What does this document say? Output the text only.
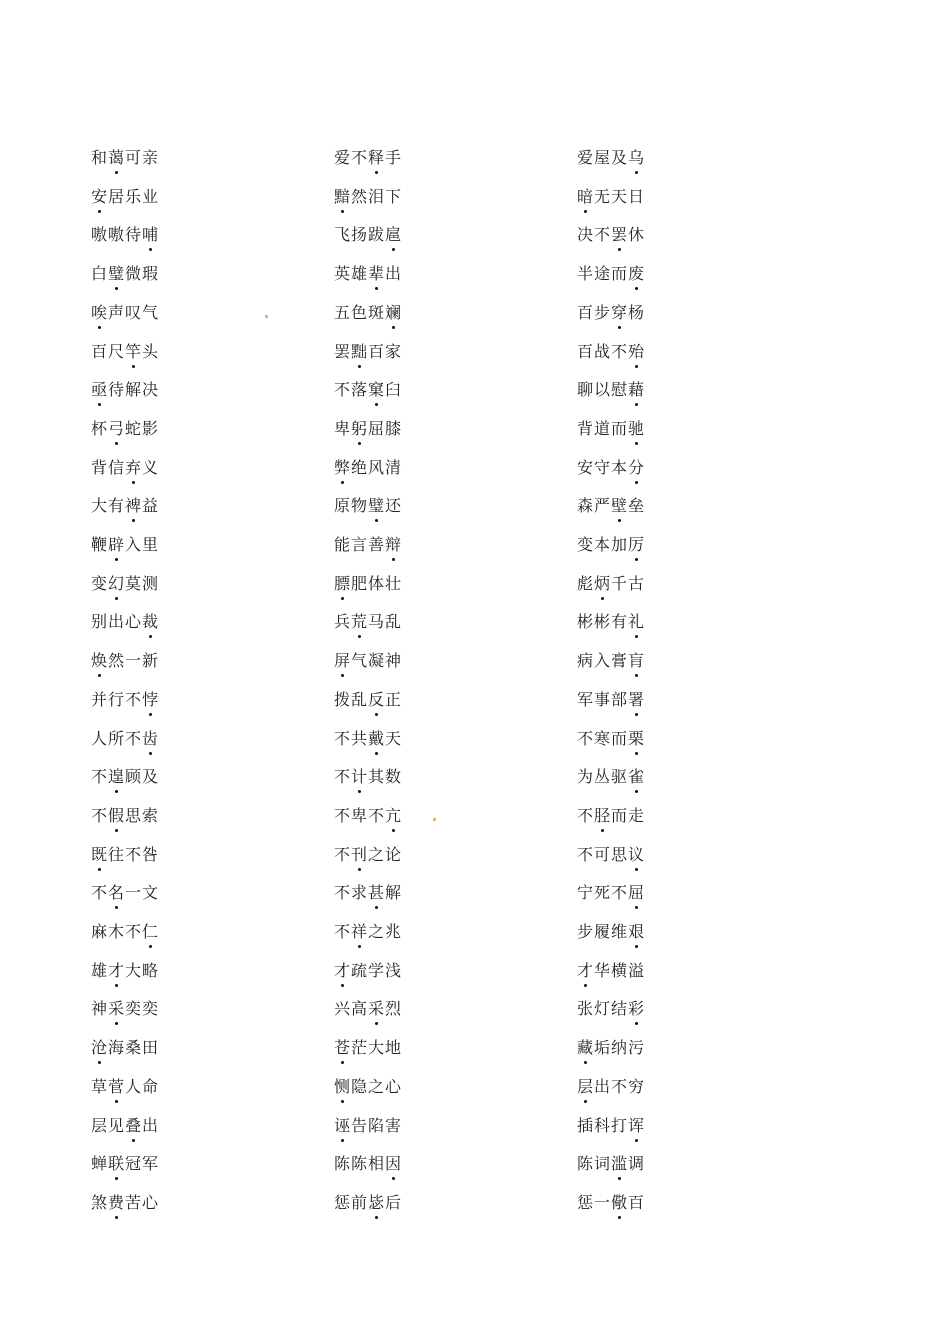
和蔼可亲	爱不释手	爱屋及乌
安居乐业	黯然泪下	暗无天日
嗷嗷待哺	飞扬跋扈	决不罢休
白璧微瑕	英雄辈出	半途而废
唉声叹气	五色斑斓	百步穿杨
百尺竿头	罢黜百家	百战不殆
亟待解决	不落窠臼	聊以慰藉
杯弓蛇影	卑躬屈膝	背道而驰
背信弃义	弊绝风清	安守本分
大有裨益	原物璧还	森严壁垒
鞭辟入里	能言善辩	变本加厉
变幻莫测	膘肥体壮	彪炳千古
别出心裁	兵荒马乱	彬彬有礼
焕然一新	屏气凝神	病入膏肓
并行不悖	拨乱反正	军事部署
人所不齿	不共戴天	不寒而栗
不遑顾及	不计其数	为丛驱雀
不假思索	不卑不亢	不胫而走
既往不咎	不刊之论	不可思议
不名一文	不求甚解	宁死不屈
麻木不仁	不祥之兆	步履维艰
雄才大略	才疏学浅	才华横溢
神采奕奕	兴高采烈	张灯结彩
沧海桑田	苍茫大地	藏垢纳污
草菅人命	恻隐之心	层出不穷
层见叠出	诬告陷害	插科打诨
蝉联冠军	陈陈相因	陈词滥调
煞费苦心	惩前毖后	惩一儆百
